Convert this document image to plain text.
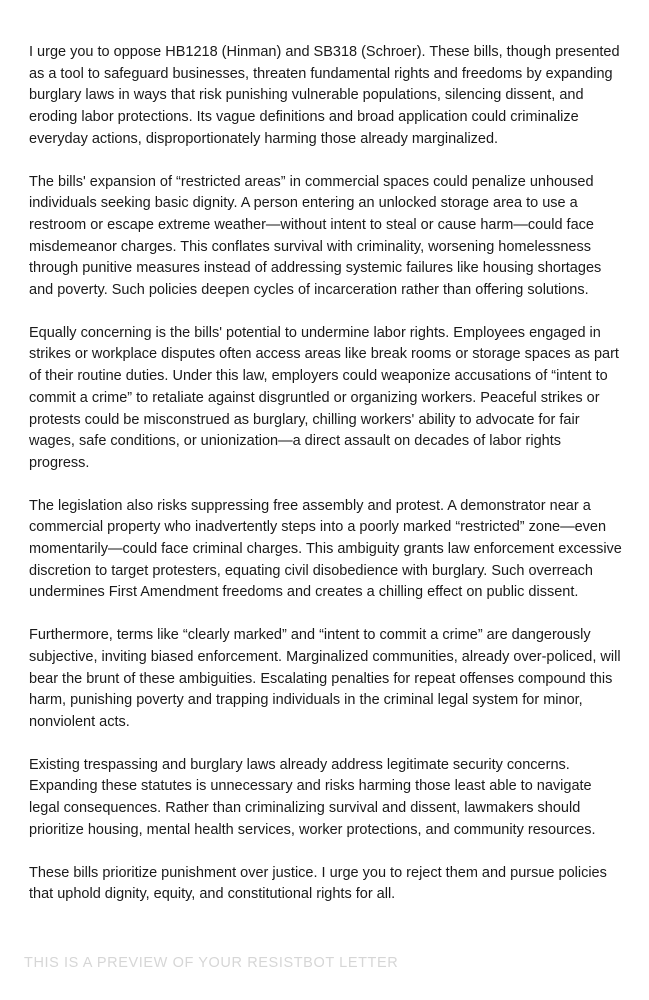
I urge you to oppose HB1218 (Hinman) and SB318 (Schroer). These bills, though presented as a tool to safeguard businesses, threaten fundamental rights and freedoms by expanding burglary laws in ways that risk punishing vulnerable populations, silencing dissent, and eroding labor protections. Its vague definitions and broad application could criminalize everyday actions, disproportionately harming those already marginalized.

The bills' expansion of “restricted areas” in commercial spaces could penalize unhoused individuals seeking basic dignity. A person entering an unlocked storage area to use a restroom or escape extreme weather—without intent to steal or cause harm—could face misdemeanor charges. This conflates survival with criminality, worsening homelessness through punitive measures instead of addressing systemic failures like housing shortages and poverty. Such policies deepen cycles of incarceration rather than offering solutions.

Equally concerning is the bills' potential to undermine labor rights. Employees engaged in strikes or workplace disputes often access areas like break rooms or storage spaces as part of their routine duties. Under this law, employers could weaponize accusations of “intent to commit a crime” to retaliate against disgruntled or organizing workers. Peaceful strikes or protests could be misconstrued as burglary, chilling workers' ability to advocate for fair wages, safe conditions, or unionization—a direct assault on decades of labor rights progress.

The legislation also risks suppressing free assembly and protest. A demonstrator near a commercial property who inadvertently steps into a poorly marked “restricted” zone—even momentarily—could face criminal charges. This ambiguity grants law enforcement excessive discretion to target protesters, equating civil disobedience with burglary. Such overreach undermines First Amendment freedoms and creates a chilling effect on public dissent.

Furthermore, terms like “clearly marked” and “intent to commit a crime” are dangerously subjective, inviting biased enforcement. Marginalized communities, already over-policed, will bear the brunt of these ambiguities. Escalating penalties for repeat offenses compound this harm, punishing poverty and trapping individuals in the criminal legal system for minor, nonviolent acts.

Existing trespassing and burglary laws already address legitimate security concerns. Expanding these statutes is unnecessary and risks harming those least able to navigate legal consequences. Rather than criminalizing survival and dissent, lawmakers should prioritize housing, mental health services, worker protections, and community resources.

These bills prioritize punishment over justice. I urge you to reject them and pursue policies that uphold dignity, equity, and constitutional rights for all.

THIS IS A PREVIEW OF YOUR RESISTBOT LETTER
